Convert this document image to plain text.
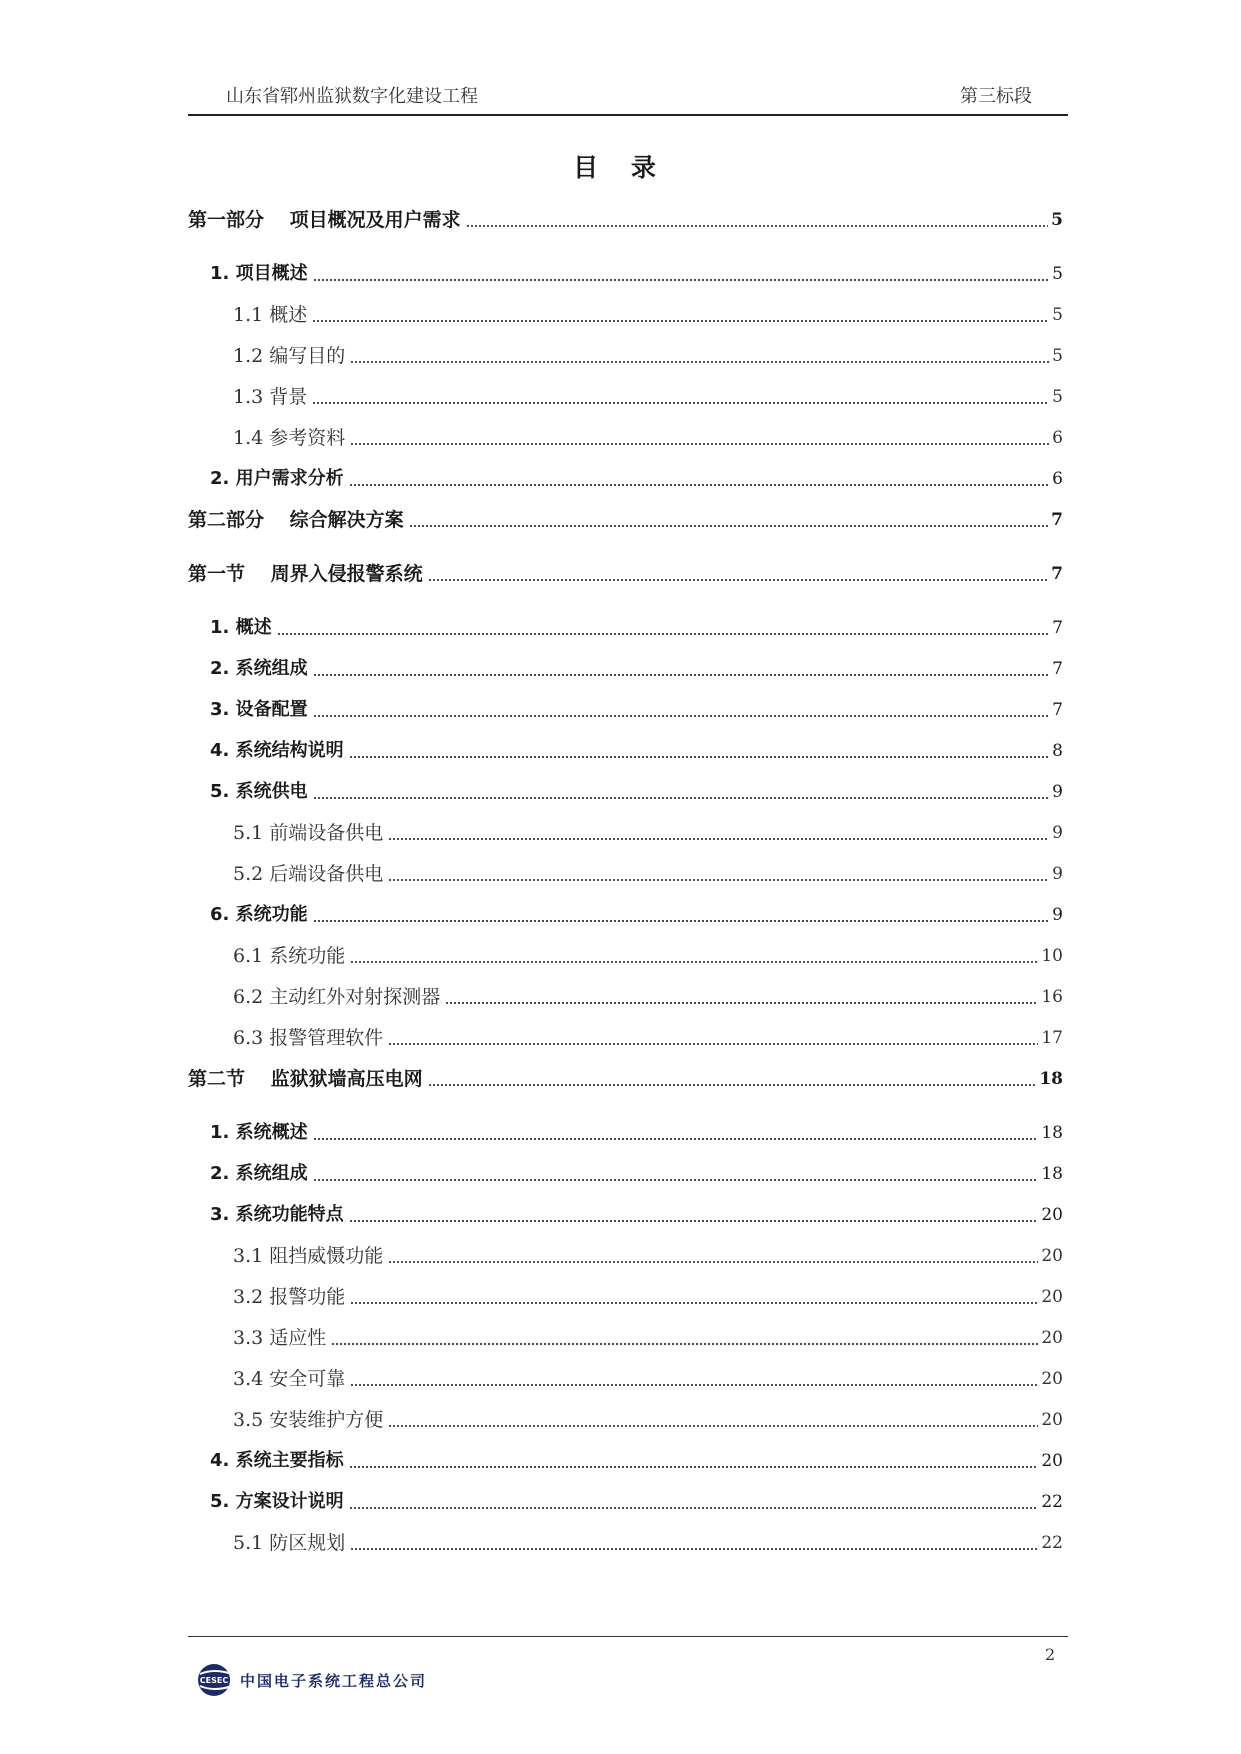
山东省郓州监狱数字化建设工程	第三标段
目 录
第一部分　 项目概况及用户需求	5
1. 项目概述	5
1.1 概述	5
1.2 编写目的	5
1.3 背景	5
1.4 参考资料	6
2. 用户需求分析	6
第二部分　 综合解决方案	7
第一节　 周界入侵报警系统	7
1. 概述	7
2. 系统组成	7
3. 设备配置	7
4. 系统结构说明	8
5. 系统供电	9
5.1 前端设备供电	9
5.2 后端设备供电	9
6. 系统功能	9
6.1 系统功能	10
6.2 主动红外对射探测器	16
6.3 报警管理软件	17
第二节　 监狱狱墙高压电网	18
1. 系统概述	18
2. 系统组成	18
3. 系统功能特点	20
3.1 阻挡威慑功能	20
3.2 报警功能	20
3.3 适应性	20
3.4 安全可靠	20
3.5 安装维护方便	20
4. 系统主要指标	20
5. 方案设计说明	22
5.1 防区规划	22
2
CESEC 中国电子系统工程总公司
